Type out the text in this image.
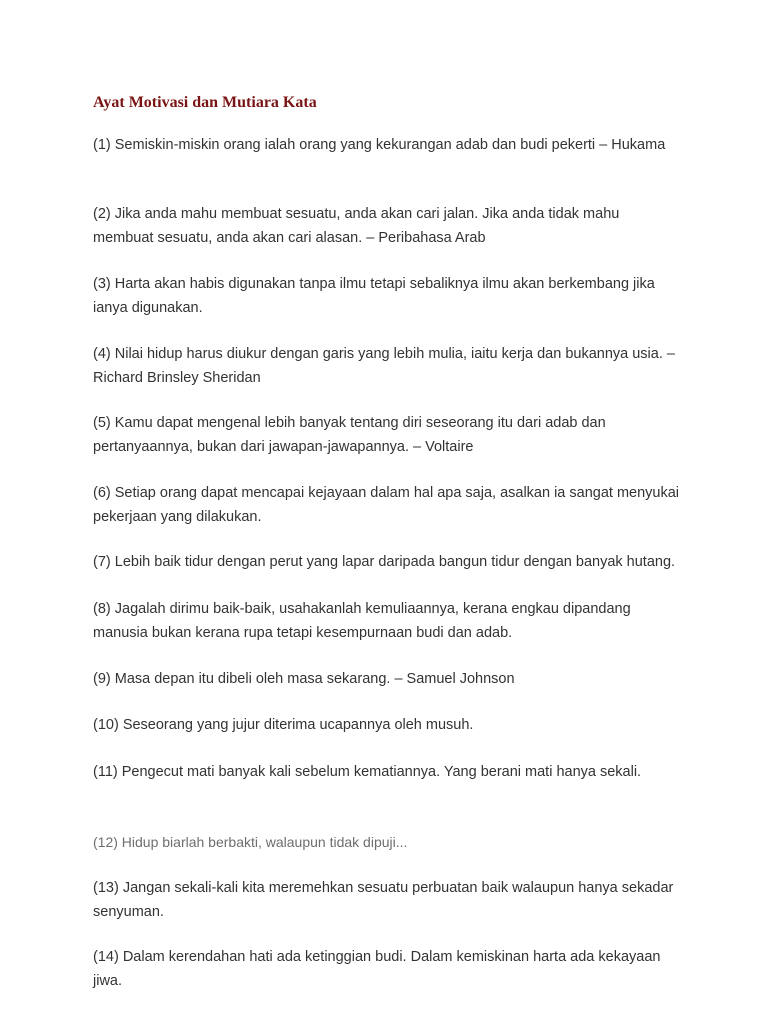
Ayat Motivasi dan Mutiara Kata

(1) Semiskin-miskin orang ialah orang yang kekurangan adab dan budi pekerti – Hukama

(2) Jika anda mahu membuat sesuatu, anda akan cari jalan. Jika anda tidak mahu membuat sesuatu, anda akan cari alasan. – Peribahasa Arab

(3) Harta akan habis digunakan tanpa ilmu tetapi sebaliknya ilmu akan berkembang jika ianya digunakan.

(4) Nilai hidup harus diukur dengan garis yang lebih mulia, iaitu kerja dan bukannya usia. – Richard Brinsley Sheridan

(5) Kamu dapat mengenal lebih banyak tentang diri seseorang itu dari adab dan pertanyaannya, bukan dari jawapan-jawapannya. – Voltaire

(6) Setiap orang dapat mencapai kejayaan dalam hal apa saja, asalkan ia sangat menyukai pekerjaan yang dilakukan.

(7) Lebih baik tidur dengan perut yang lapar daripada bangun tidur dengan banyak hutang.

(8) Jagalah dirimu baik-baik, usahakanlah kemuliaannya, kerana engkau dipandang manusia bukan kerana rupa tetapi kesempurnaan budi dan adab.

(9) Masa depan itu dibeli oleh masa sekarang. – Samuel Johnson

(10) Seseorang yang jujur diterima ucapannya oleh musuh.

(11) Pengecut mati banyak kali sebelum kematiannya. Yang berani mati hanya sekali.

(12) Hidup biarlah berbakti, walaupun tidak dipuji...

(13) Jangan sekali-kali kita meremehkan sesuatu perbuatan baik walaupun hanya sekadar senyuman.

(14) Dalam kerendahan hati ada ketinggian budi. Dalam kemiskinan harta ada kekayaan jiwa.
